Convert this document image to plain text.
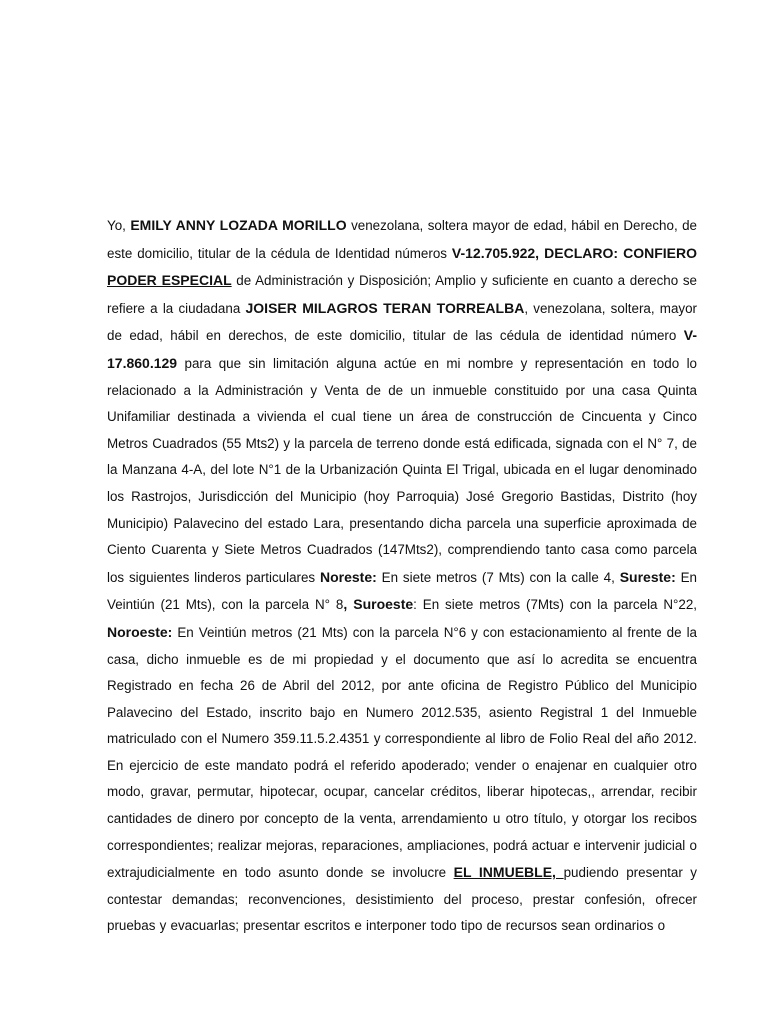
Yo, EMILY ANNY LOZADA MORILLO venezolana, soltera mayor de edad, hábil en Derecho, de este domicilio, titular de la cédula de Identidad números V-12.705.922, DECLARO: CONFIERO PODER ESPECIAL de Administración y Disposición; Amplio y suficiente en cuanto a derecho se refiere a la ciudadana JOISER MILAGROS TERAN TORREALBA, venezolana, soltera, mayor de edad, hábil en derechos, de este domicilio, titular de las cédula de identidad número V-17.860.129 para que sin limitación alguna actúe en mi nombre y representación en todo lo relacionado a la Administración y Venta de de un inmueble constituido por una casa Quinta Unifamiliar destinada a vivienda el cual tiene un área de construcción de Cincuenta y Cinco Metros Cuadrados (55 Mts2) y la parcela de terreno donde está edificada, signada con el N° 7, de la Manzana 4-A, del lote N°1 de la Urbanización Quinta El Trigal, ubicada en el lugar denominado los Rastrojos, Jurisdicción del Municipio (hoy Parroquia) José Gregorio Bastidas, Distrito (hoy Municipio) Palavecino del estado Lara, presentando dicha parcela una superficie aproximada de Ciento Cuarenta y Siete Metros Cuadrados (147Mts2), comprendiendo tanto casa como parcela los siguientes linderos particulares Noreste: En siete metros (7 Mts) con la calle 4, Sureste: En Veintiún (21 Mts), con la parcela N° 8, Suroeste: En siete metros (7Mts) con la parcela N°22, Noroeste: En Veintiún metros (21 Mts) con la parcela N°6 y con estacionamiento al frente de la casa, dicho inmueble es de mi propiedad y el documento que así lo acredita se encuentra Registrado en fecha 26 de Abril del 2012, por ante oficina de Registro Público del Municipio Palavecino del Estado, inscrito bajo en Numero 2012.535, asiento Registral 1 del Inmueble matriculado con el Numero 359.11.5.2.4351 y correspondiente al libro de Folio Real del año 2012. En ejercicio de este mandato podrá el referido apoderado; vender o enajenar en cualquier otro modo, gravar, permutar, hipotecar, ocupar, cancelar créditos, liberar hipotecas,, arrendar, recibir cantidades de dinero por concepto de la venta, arrendamiento u otro título, y otorgar los recibos correspondientes; realizar mejoras, reparaciones, ampliaciones, podrá actuar e intervenir judicial o extrajudicialmente en todo asunto donde se involucre EL INMUEBLE, pudiendo presentar y contestar demandas; reconvenciones, desistimiento del proceso, prestar confesión, ofrecer pruebas y evacuarlas; presentar escritos e interponer todo tipo de recursos sean ordinarios o
